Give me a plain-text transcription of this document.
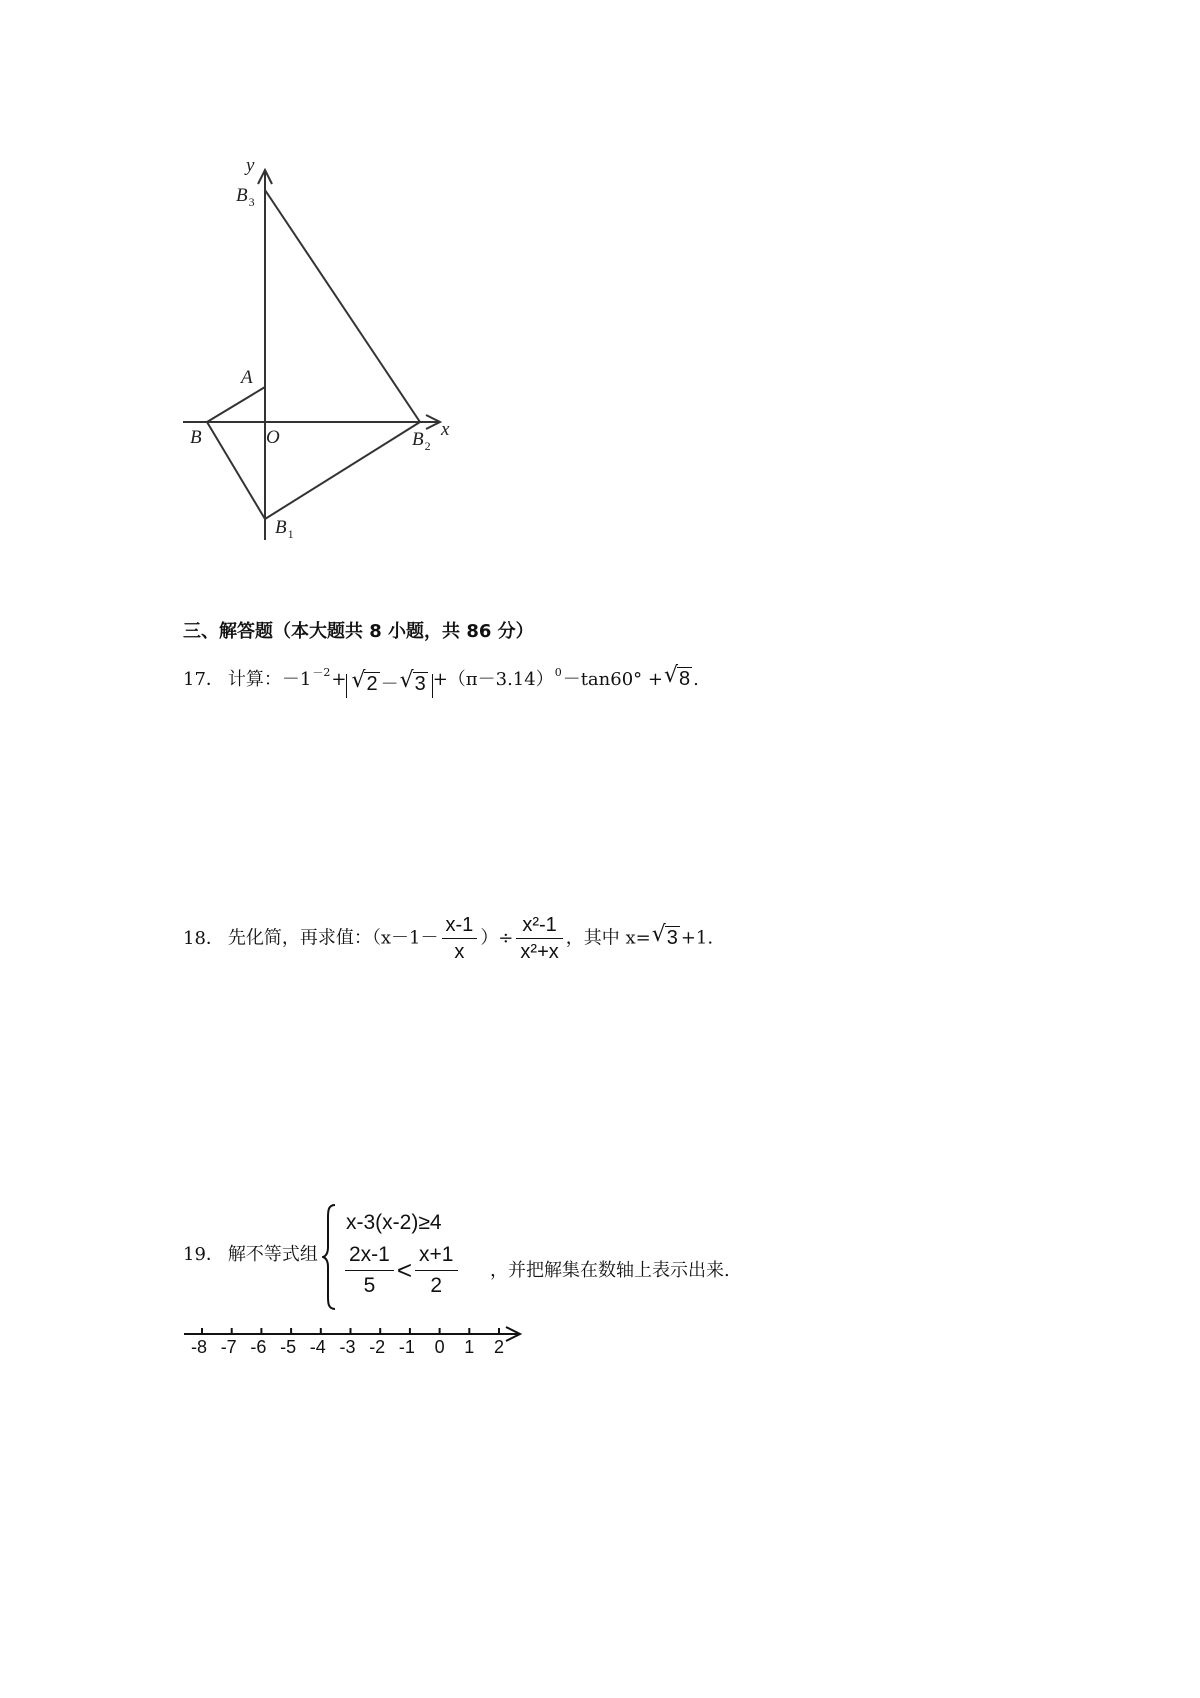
y
x
A
B	O
$B_1$
$B_2$
$B_3$
三、解答题（本大题共 8 小题，共 86 分）
17． 计算：$-1^{-2}+$ √ 2 － √ $3 +(\pi-3.14)^0-\tan 60^\circ$ + √ 8 .
18． 先化简，再求值：（$x-1- \frac{x-1}{x}$ ）÷ $\frac{\text{x²-1}}{\text{x²+x}}$ ，其中 x= √ 3 +1.
19． 解不等式组
x-3(x-2)≥4
$\frac{2x-1}{5} < \frac{x+1}{2}$ ，并把解集在数轴上表示出来.
-8 -7 -6 -5 -4 -3 -2 -1 0 1 2
